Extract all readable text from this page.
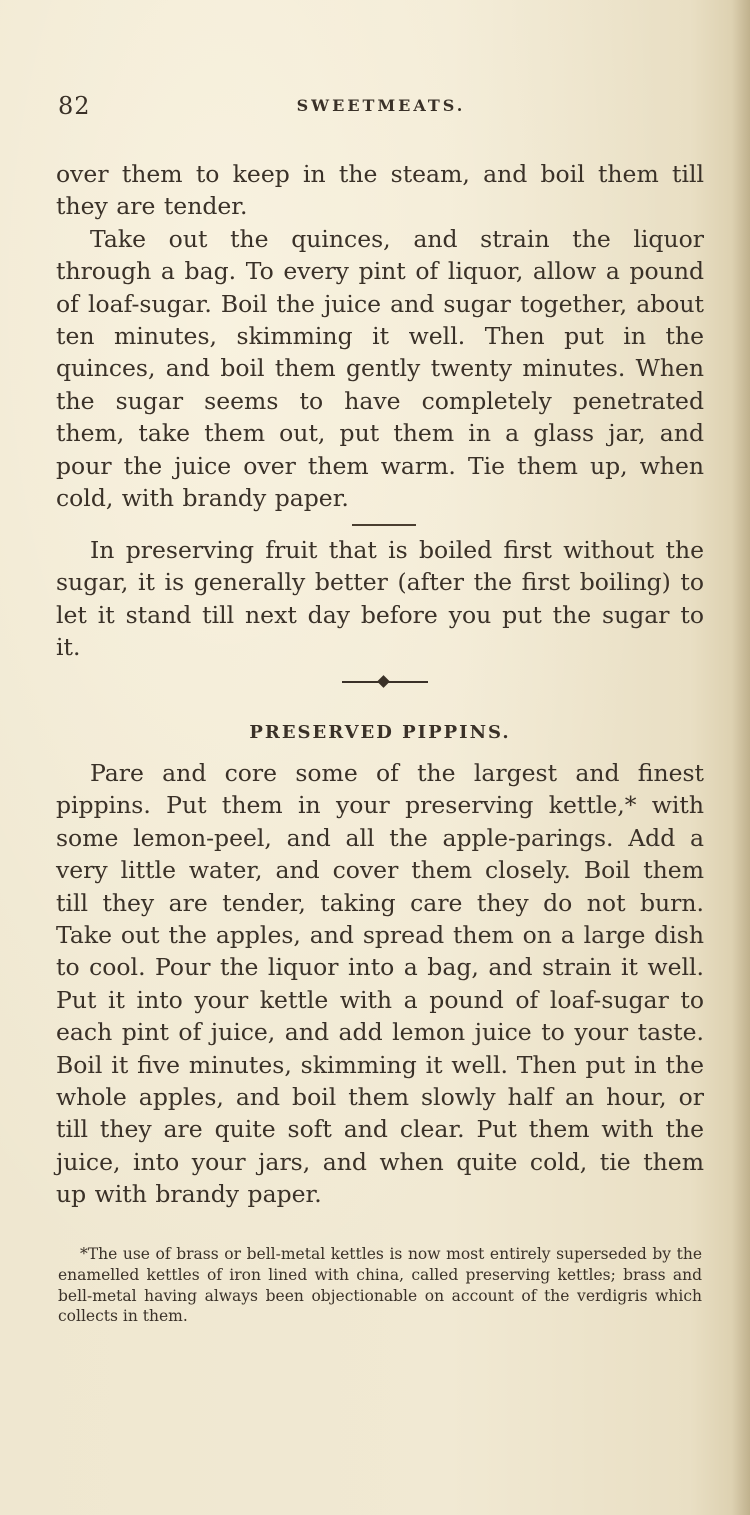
82	SWEETMEATS.

over them to keep in the steam, and boil them till they are tender.

Take out the quinces, and strain the liquor through a bag. To every pint of liquor, allow a pound of loaf-sugar. Boil the juice and sugar together, about ten minutes, skimming it well. Then put in the quinces, and boil them gently twenty minutes. When the sugar seems to have completely penetrated them, take them out, put them in a glass jar, and pour the juice over them warm. Tie them up, when cold, with brandy paper.

In preserving fruit that is boiled first without the sugar, it is generally better (after the first boiling) to let it stand till next day before you put the sugar to it.

PRESERVED PIPPINS.

Pare and core some of the largest and finest pippins. Put them in your preserving kettle,* with some lemon-peel, and all the apple-parings. Add a very little water, and cover them closely. Boil them till they are tender, taking care they do not burn. Take out the apples, and spread them on a large dish to cool. Pour the liquor into a bag, and strain it well. Put it into your kettle with a pound of loaf-sugar to each pint of juice, and add lemon juice to your taste. Boil it five minutes, skimming it well. Then put in the whole apples, and boil them slowly half an hour, or till they are quite soft and clear. Put them with the juice, into your jars, and when quite cold, tie them up with brandy paper.

*The use of brass or bell-metal kettles is now most entirely superseded by the enamelled kettles of iron lined with china, called preserving kettles; brass and bell-metal having always been objectionable on account of the verdigris which collects in them.
